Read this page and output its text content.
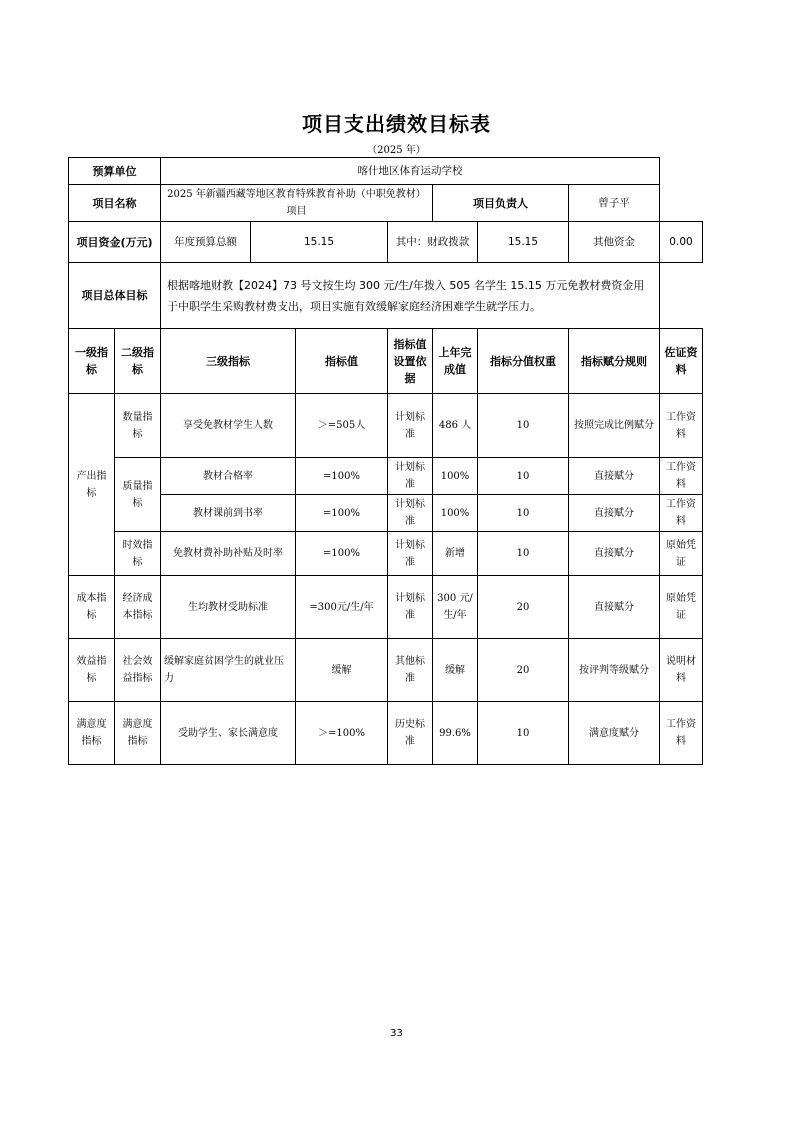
项目支出绩效目标表
（2025 年）
预算单位		喀什地区体育运动学校							
项目名称		2025 年新疆西藏等地区教育特殊教育补助（中职免教材）项目				项目负责人		曾子平	
项目资金(万元)		年度预算总额	15.15		其中：财政拨款		15.15	其他资金	0.00
项目总体目标		根据喀地财教【2024】73 号文按生均 300 元/生/年拨入 505 名学生 15.15 万元免教材费资金用于中职学生采购教材费支出，项目实施有效缓解家庭经济困难学生就学压力。							
一级指标	二级指标	三级指标		指标值	指标值设置依据	上年完成值	指标分值权重	指标赋分规则	佐证资料
产出指标	数量指标	享受免教材学生人数		＞=505人	计划标准	486 人	10	按照完成比例赋分	工作资料
	质量指标	教材合格率		=100%	计划标准	100%	10	直接赋分	工作资料
		教材课前到书率		=100%	计划标准	100%	10	直接赋分	工作资料
	时效指标	免教材费补助补贴及时率		=100%	计划标准	新增	10	直接赋分	原始凭证

成本指标	经济成本指标	生均教材受助标准		=300元/生/年	计划标准	300 元/生/年	20	直接赋分	原始凭证
效益指标	社会效益指标	缓解家庭贫困学生的就业压力		缓解	其他标准	缓解	20	按评判等级赋分	说明材料
满意度指标	满意度指标	受助学生、家长满意度		＞=100%	历史标准	99.6%	10	满意度赋分	工作资料
33
